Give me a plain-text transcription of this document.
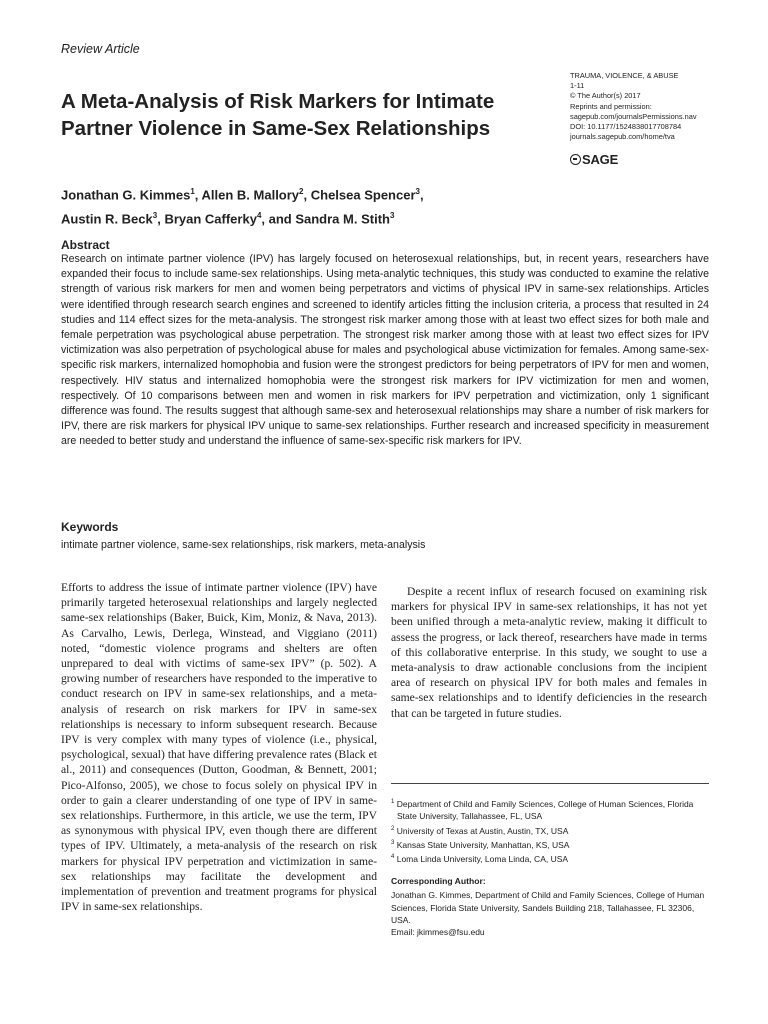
Review Article
A Meta-Analysis of Risk Markers for Intimate Partner Violence in Same-Sex Relationships
TRAUMA, VIOLENCE, & ABUSE
1-11
© The Author(s) 2017
Reprints and permission:
sagepub.com/journalsPermissions.nav
DOI: 10.1177/1524838017708784
journals.sagepub.com/home/tva
SAGE
Jonathan G. Kimmes$^1$, Allen B. Mallory$^2$, Chelsea Spencer$^3$,
Austin R. Beck$^3$, Bryan Cafferky$^4$, and Sandra M. Stith$^3$
Abstract

Research on intimate partner violence (IPV) has largely focused on heterosexual relationships, but, in recent years, researchers have expanded their focus to include same-sex relationships. Using meta-analytic techniques, this study was conducted to examine the relative strength of various risk markers for men and women being perpetrators and victims of physical IPV in same-sex relationships. Articles were identified through research search engines and screened to identify articles fitting the inclusion criteria, a process that resulted in 24 studies and 114 effect sizes for the meta-analysis. The strongest risk marker among those with at least two effect sizes for both male and female perpetration was psychological abuse perpetration. The strongest risk marker among those with at least two effect sizes for IPV victimization was also perpetration of psychological abuse for males and psychological abuse victimization for females. Among same-sex-specific risk markers, internalized homophobia and fusion were the strongest predictors for being perpetrators of IPV for men and women, respectively. HIV status and internalized homophobia were the strongest risk markers for IPV victimization for men and women, respectively. Of 10 comparisons between men and women in risk markers for IPV perpetration and victimization, only 1 significant difference was found. The results suggest that although same-sex and heterosexual relationships may share a number of risk markers for IPV, there are risk markers for physical IPV unique to same-sex relationships. Further research and increased specificity in measurement are needed to better study and understand the influence of same-sex-specific risk markers for IPV.

Keywords
intimate partner violence, same-sex relationships, risk markers, meta-analysis

Efforts to address the issue of intimate partner violence (IPV) have primarily targeted heterosexual relationships and largely neglected same-sex relationships (Baker, Buick, Kim, Moniz, & Nava, 2013). As Carvalho, Lewis, Derlega, Winstead, and Viggiano (2011) noted, “domestic violence programs and shelters are often unprepared to deal with victims of same-sex IPV” (p. 502). A growing number of researchers have responded to the imperative to conduct research on IPV in same-sex relationships, and a meta-analysis of research on risk markers for IPV in same-sex relationships is necessary to inform subsequent research. Because IPV is very complex with many types of violence (i.e., physical, psychological, sexual) that have differing prevalence rates (Black et al., 2011) and consequences (Dutton, Goodman, & Bennett, 2001; Pico-Alfonso, 2005), we chose to focus solely on physical IPV in order to gain a clearer understanding of one type of IPV in same-sex relationships. Furthermore, in this article, we use the term, IPV as synonymous with physical IPV, even though there are different types of IPV. Ultimately, a meta-analysis of the research on risk markers for physical IPV perpetration and victimization in same-sex relationships may facilitate the development and implementation of prevention and treatment programs for physical IPV in same-sex relationships.

Despite a recent influx of research focused on examining risk markers for physical IPV in same-sex relationships, it has not yet been unified through a meta-analytic review, making it difficult to assess the progress, or lack thereof, researchers have made in terms of this collaborative enterprise. In this study, we sought to use a meta-analysis to draw actionable conclusions from the incipient area of research on physical IPV for both males and females in same-sex relationships and to identify deficiencies in the research that can be targeted in future studies.

$^1$ Department of Child and Family Sciences, College of Human Sciences, Florida State University, Tallahassee, FL, USA
$^2$ University of Texas at Austin, Austin, TX, USA
$^3$ Kansas State University, Manhattan, KS, USA
$^4$ Loma Linda University, Loma Linda, CA, USA
Corresponding Author:

Jonathan G. Kimmes, Department of Child and Family Sciences, College of Human Sciences, Florida State University, Sandels Building 218, Tallahassee, FL 32306, USA.

Email: jkimmes@fsu.edu
